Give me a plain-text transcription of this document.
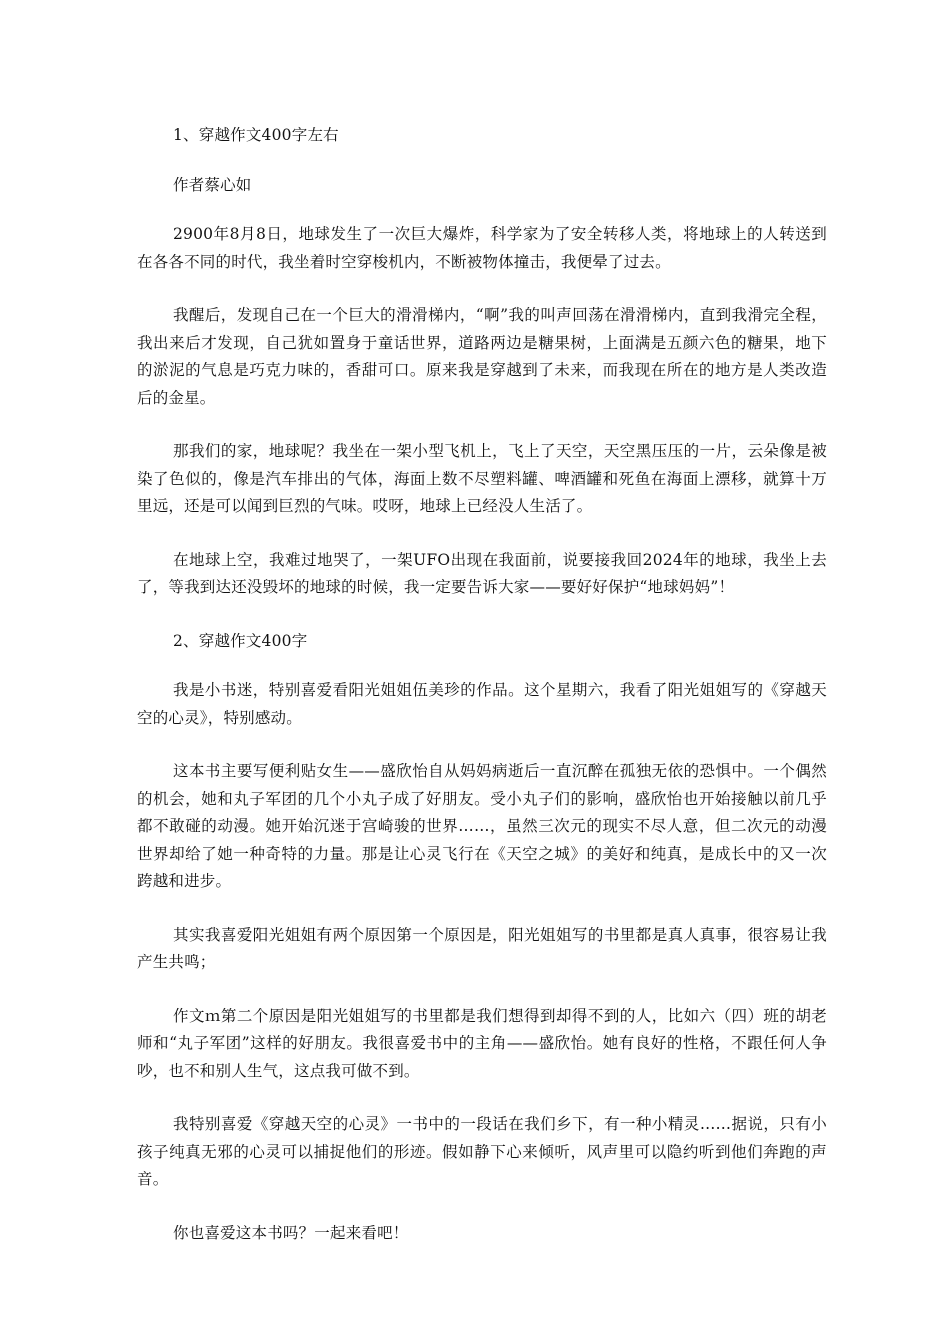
1、穿越作文400字左右

作者蔡心如

2900年8月8日，地球发生了一次巨大爆炸，科学家为了安全转移人类，将地球上的人转送到在各各不同的时代，我坐着时空穿梭机内，不断被物体撞击，我便晕了过去。

我醒后，发现自己在一个巨大的滑滑梯内，“啊”我的叫声回荡在滑滑梯内，直到我滑完全程，我出来后才发现，自己犹如置身于童话世界，道路两边是糖果树，上面满是五颜六色的糖果，地下的淤泥的气息是巧克力味的，香甜可口。原来我是穿越到了未来，而我现在所在的地方是人类改造后的金星。

那我们的家，地球呢？我坐在一架小型飞机上，飞上了天空，天空黑压压的一片，云朵像是被染了色似的，像是汽车排出的气体，海面上数不尽塑料罐、啤酒罐和死鱼在海面上漂移，就算十万里远，还是可以闻到巨烈的气味。哎呀，地球上已经没人生活了。

在地球上空，我难过地哭了，一架UFO出现在我面前，说要接我回2024年的地球，我坐上去了，等我到达还没毁坏的地球的时候，我一定要告诉大家——要好好保护“地球妈妈”！

2、穿越作文400字

我是小书迷，特别喜爱看阳光姐姐伍美珍的作品。这个星期六，我看了阳光姐姐写的《穿越天空的心灵》，特别感动。

这本书主要写便利贴女生——盛欣怡自从妈妈病逝后一直沉醉在孤独无依的恐惧中。一个偶然的机会，她和丸子军团的几个小丸子成了好朋友。受小丸子们的影响，盛欣怡也开始接触以前几乎都不敢碰的动漫。她开始沉迷于宫崎骏的世界……，虽然三次元的现实不尽人意，但二次元的动漫世界却给了她一种奇特的力量。那是让心灵飞行在《天空之城》的美好和纯真，是成长中的又一次跨越和进步。

其实我喜爱阳光姐姐有两个原因第一个原因是，阳光姐姐写的书里都是真人真事，很容易让我产生共鸣；

作文ｍ第二个原因是阳光姐姐写的书里都是我们想得到却得不到的人，比如六（四）班的胡老师和“丸子军团”这样的好朋友。我很喜爱书中的主角——盛欣怡。她有良好的性格，不跟任何人争吵，也不和别人生气，这点我可做不到。

我特别喜爱《穿越天空的心灵》一书中的一段话在我们乡下，有一种小精灵……据说，只有小孩子纯真无邪的心灵可以捕捉他们的形迹。假如静下心来倾听，风声里可以隐约听到他们奔跑的声音。

你也喜爱这本书吗？一起来看吧！
